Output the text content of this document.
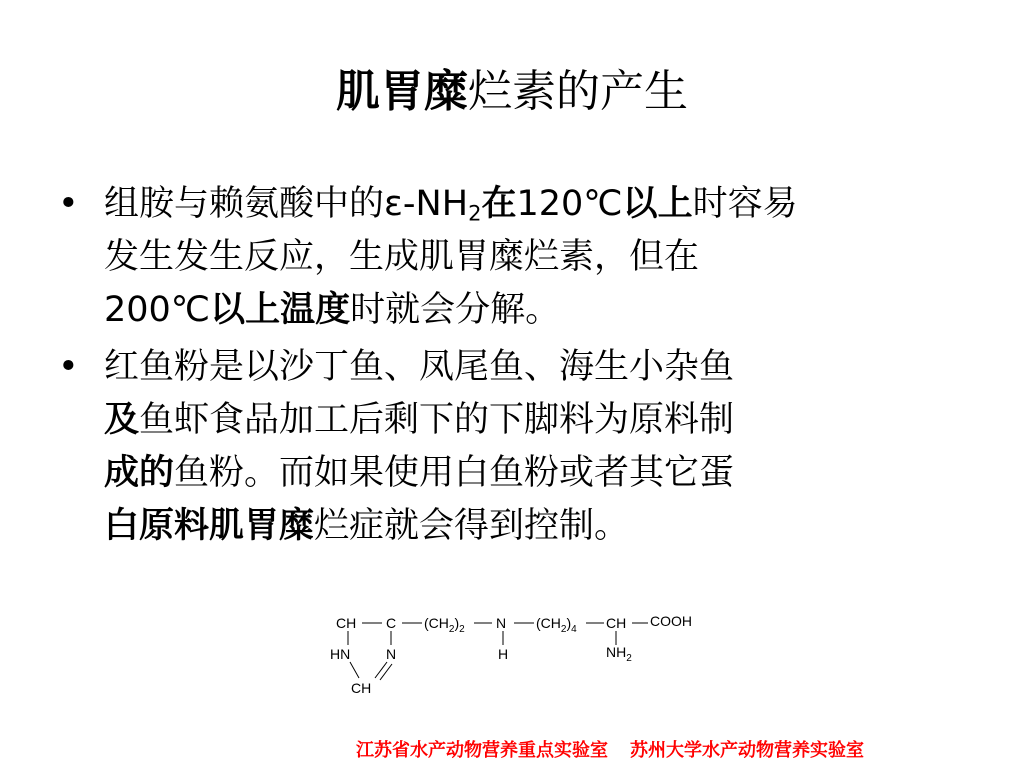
肌胃糜烂素的产生
• 组胺与赖氨酸中的$\varepsilon-NH_2$在120℃以上时容易
发生发生反应，生成肌胃糜烂素，但在
200℃以上温度时就会分解。
• 红鱼粉是以沙丁鱼、凤尾鱼、海生小杂鱼
及鱼虾食品加工后剩下的下脚料为原料制
成的鱼粉。而如果使用白鱼粉或者其它蛋
白原料肌胃糜烂症就会得到控制。
CH C $(CH_2)_2$ N $(CH_2)_4$ CH COOH
HN	N	H	$NH_2$
CH
江苏省水产动物营养重点实验室 苏州大学水产动物营养实验室
